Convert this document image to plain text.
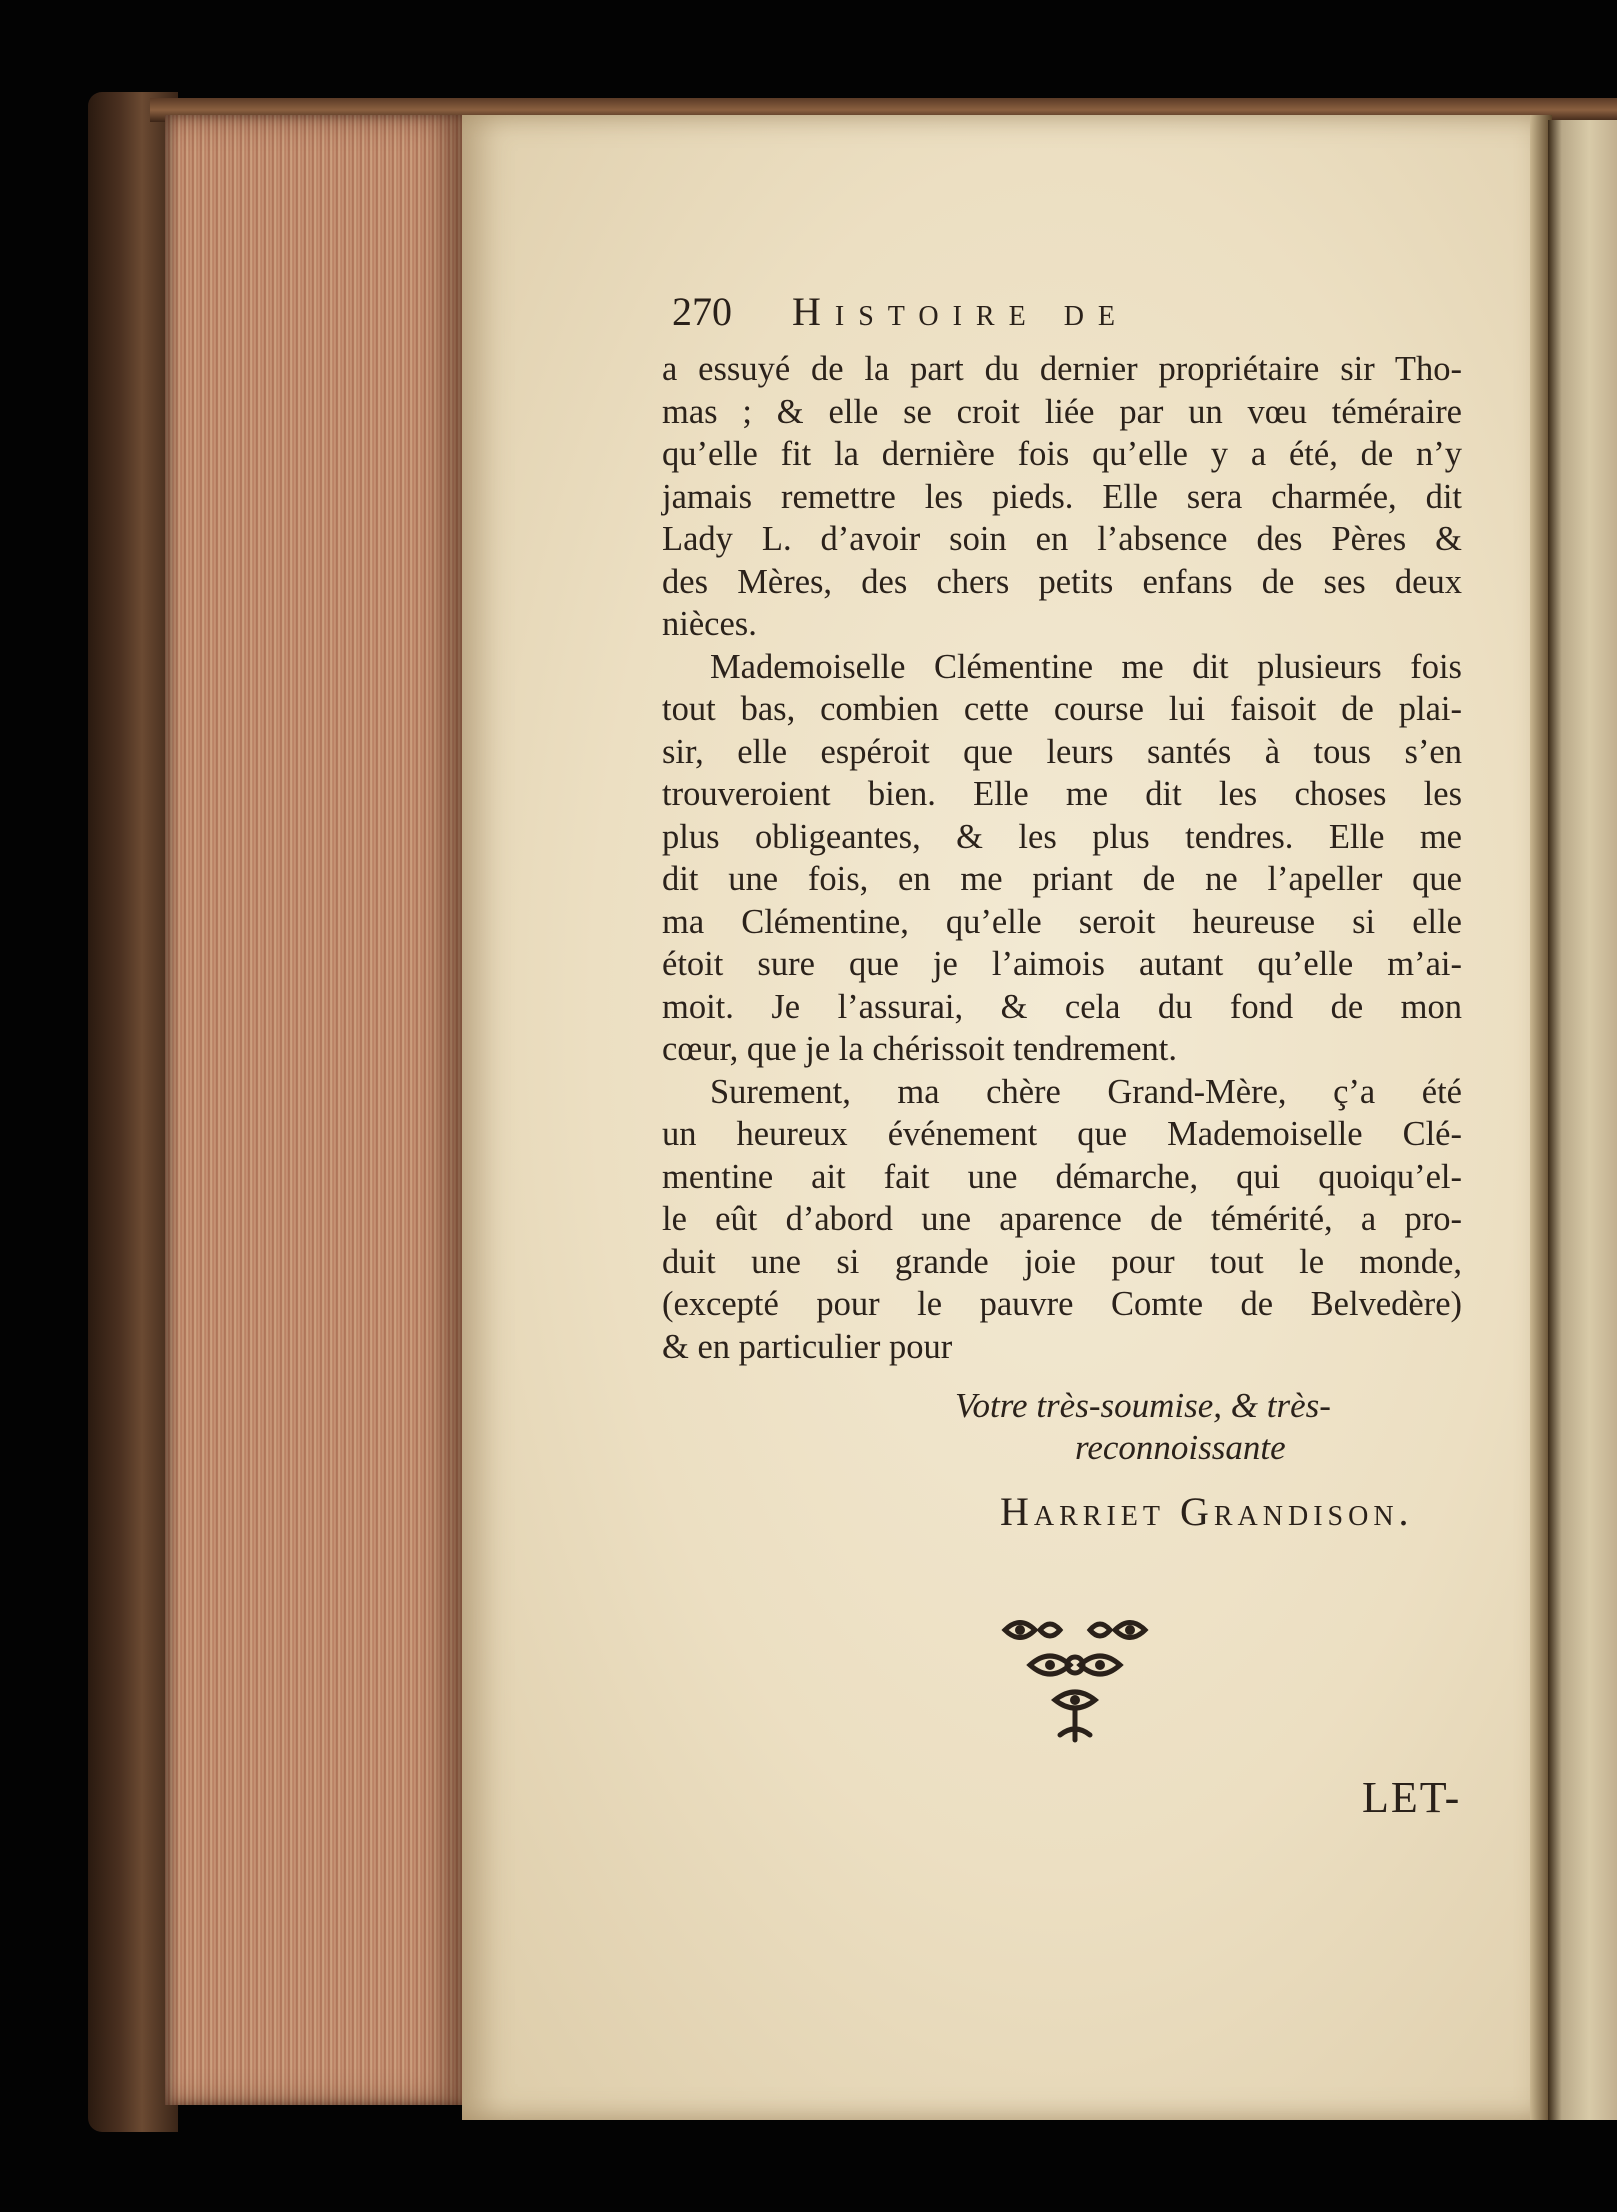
270 Histoire de
a essuyé de la part du dernier propriétaire sir Tho-
mas ; & elle se croit liée par un vœu téméraire
qu’elle fit la dernière fois qu’elle y a été, de n’y
jamais remettre les pieds. Elle sera charmée, dit
Lady L. d’avoir soin en l’absence des Pères &
des Mères, des chers petits enfans de ses deux
nièces.
Mademoiselle Clémentine me dit plusieurs fois
tout bas, combien cette course lui faisoit de plai-
sir, elle espéroit que leurs santés à tous s’en
trouveroient bien. Elle me dit les choses les
plus obligeantes, & les plus tendres. Elle me
dit une fois, en me priant de ne l’apeller que
ma Clémentine, qu’elle seroit heureuse si elle
étoit sure que je l’aimois autant qu’elle m’ai-
moit. Je l’assurai, & cela du fond de mon
cœur, que je la chérissoit tendrement.
Surement, ma chère Grand-Mère, ç’a été
un heureux événement que Mademoiselle Clé-
mentine ait fait une démarche, qui quoiqu’el-
le eût d’abord une aparence de témérité, a pro-
duit une si grande joie pour tout le monde,
(excepté pour le pauvre Comte de Belvedère)
& en particulier pour
Votre très-soumise, & très-
reconnoissante
Harriet Grandison.
LET-
